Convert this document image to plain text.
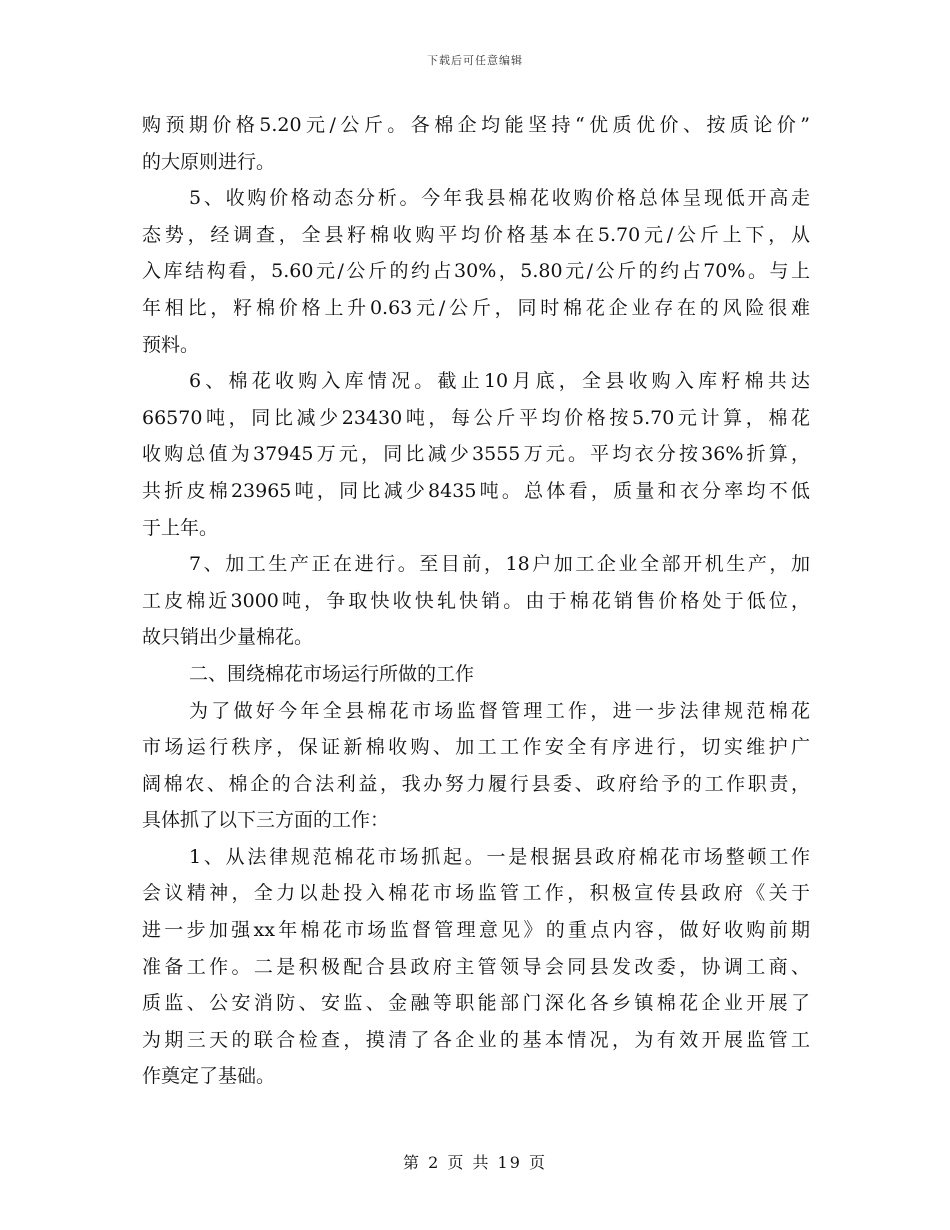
下载后可任意编辑
购预期价格5.20元/公斤。各棉企均能坚持“优质优价、按质论价”
的大原则进行。
5、收购价格动态分析。今年我县棉花收购价格总体呈现低开高走
态势，经调查，全县籽棉收购平均价格基本在5.70元/公斤上下，从
入库结构看，5.60元/公斤的约占30%，5.80元/公斤的约占70%。与上
年相比，籽棉价格上升0.63元/公斤，同时棉花企业存在的风险很难
预料。
6、棉花收购入库情况。截止10月底，全县收购入库籽棉共达
66570吨，同比减少23430吨，每公斤平均价格按5.70元计算，棉花
收购总值为37945万元，同比减少3555万元。平均衣分按36%折算，
共折皮棉23965吨，同比减少8435吨。总体看，质量和衣分率均不低
于上年。
7、加工生产正在进行。至目前，18户加工企业全部开机生产，加
工皮棉近3000吨，争取快收快轧快销。由于棉花销售价格处于低位，
故只销出少量棉花。
二、围绕棉花市场运行所做的工作
为了做好今年全县棉花市场监督管理工作，进一步法律规范棉花
市场运行秩序，保证新棉收购、加工工作安全有序进行，切实维护广
阔棉农、棉企的合法利益，我办努力履行县委、政府给予的工作职责，
具体抓了以下三方面的工作：
1、从法律规范棉花市场抓起。一是根据县政府棉花市场整顿工作
会议精神，全力以赴投入棉花市场监管工作，积极宣传县政府《关于
进一步加强xx年棉花市场监督管理意见》的重点内容，做好收购前期
准备工作。二是积极配合县政府主管领导会同县发改委，协调工商、
质监、公安消防、安监、金融等职能部门深化各乡镇棉花企业开展了
为期三天的联合检查，摸清了各企业的基本情况，为有效开展监管工
作奠定了基础。
第 2 页 共 19 页
